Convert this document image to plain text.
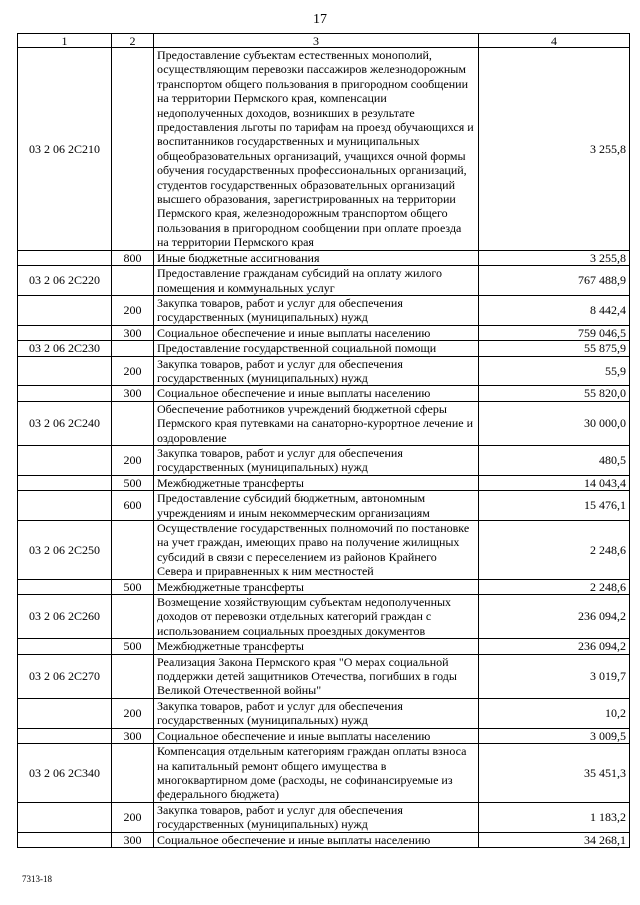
17
1	2	3	4
03 2 06 2C210		Предоставление субъектам естественных монополий, осуществляющим перевозки пассажиров железнодорожным транспортом общего пользования в пригородном сообщении на территории Пермского края, компенсации недополученных доходов, возникших в результате предоставления льготы по тарифам на проезд обучающихся и воспитанников государственных и муниципальных общеобразовательных организаций, учащихся очной формы обучения государственных профессиональных организаций, студентов государственных образовательных организаций высшего образования, зарегистрированных на территории Пермского края, железнодорожным транспортом общего пользования в пригородном сообщении при оплате проезда на территории Пермского края	3 255,8
	800	Иные бюджетные ассигнования	3 255,8
03 2 06 2C220		Предоставление гражданам субсидий на оплату жилого помещения и коммунальных услуг	767 488,9
	200	Закупка товаров, работ и услуг для обеспечения государственных (муниципальных) нужд	8 442,4
	300	Социальное обеспечение и иные выплаты населению	759 046,5
03 2 06 2C230		Предоставление государственной социальной помощи	55 875,9
	200	Закупка товаров, работ и услуг для обеспечения государственных (муниципальных) нужд	55,9
	300	Социальное обеспечение и иные выплаты населению	55 820,0
03 2 06 2C240		Обеспечение работников учреждений бюджетной сферы Пермского края путевками на санаторно-курортное лечение и оздоровление	30 000,0
	200	Закупка товаров, работ и услуг для обеспечения государственных (муниципальных) нужд	480,5
	500	Межбюджетные трансферты	14 043,4
	600	Предоставление субсидий бюджетным, автономным учреждениям и иным некоммерческим организациям	15 476,1
03 2 06 2C250		Осуществление государственных полномочий по постановке на учет граждан, имеющих право на получение жилищных субсидий в связи с переселением из районов Крайнего Севера и приравненных к ним местностей	2 248,6
	500	Межбюджетные трансферты	2 248,6
03 2 06 2C260		Возмещение хозяйствующим субъектам недополученных доходов от перевозки отдельных категорий граждан с использованием социальных проездных документов	236 094,2
	500	Межбюджетные трансферты	236 094,2
03 2 06 2C270		Реализация Закона Пермского края "О мерах социальной поддержки детей защитников Отечества, погибших в годы Великой Отечественной войны"	3 019,7
	200	Закупка товаров, работ и услуг для обеспечения государственных (муниципальных) нужд	10,2
	300	Социальное обеспечение и иные выплаты населению	3 009,5
03 2 06 2C340		Компенсация отдельным категориям граждан оплаты взноса на капитальный ремонт общего имущества в многоквартирном доме (расходы, не софинансируемые из федерального бюджета)	35 451,3
	200	Закупка товаров, работ и услуг для обеспечения государственных (муниципальных) нужд	1 183,2
	300	Социальное обеспечение и иные выплаты населению	34 268,1
7313-18
